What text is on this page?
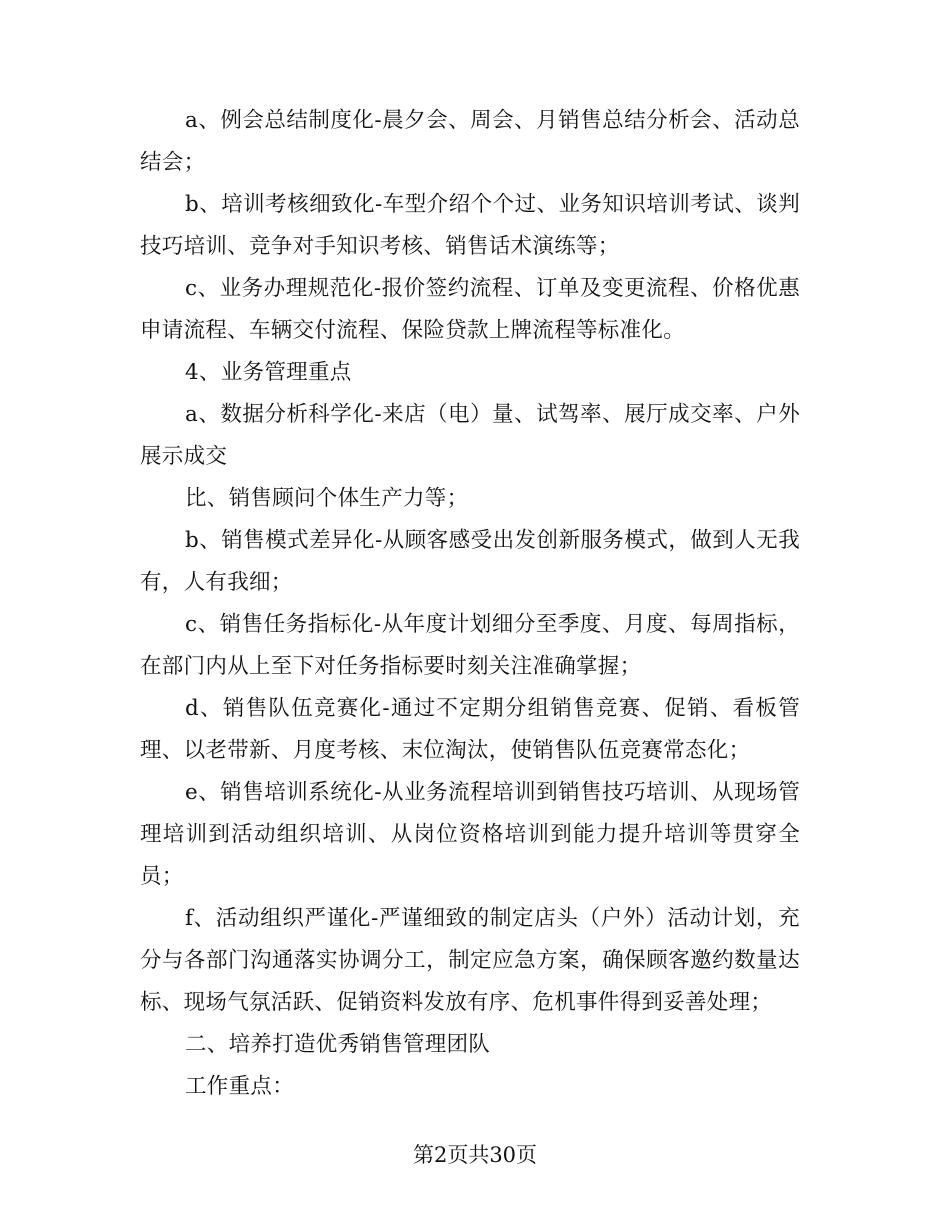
a、例会总结制度化-晨夕会、周会、月销售总结分析会、活动总结会；

b、培训考核细致化-车型介绍个个过、业务知识培训考试、谈判技巧培训、竞争对手知识考核、销售话术演练等；

c、业务办理规范化-报价签约流程、订单及变更流程、价格优惠申请流程、车辆交付流程、保险贷款上牌流程等标准化。

4、业务管理重点

a、数据分析科学化-来店（电）量、试驾率、展厅成交率、户外展示成交

比、销售顾问个体生产力等；

b、销售模式差异化-从顾客感受出发创新服务模式，做到人无我有，人有我细；

c、销售任务指标化-从年度计划细分至季度、月度、每周指标，在部门内从上至下对任务指标要时刻关注准确掌握；

d、销售队伍竞赛化-通过不定期分组销售竞赛、促销、看板管理、以老带新、月度考核、末位淘汰，使销售队伍竞赛常态化；

e、销售培训系统化-从业务流程培训到销售技巧培训、从现场管理培训到活动组织培训、从岗位资格培训到能力提升培训等贯穿全员；

f、活动组织严谨化-严谨细致的制定店头（户外）活动计划，充分与各部门沟通落实协调分工，制定应急方案，确保顾客邀约数量达标、现场气氛活跃、促销资料发放有序、危机事件得到妥善处理；

二、培养打造优秀销售管理团队

工作重点：

第2页共30页
